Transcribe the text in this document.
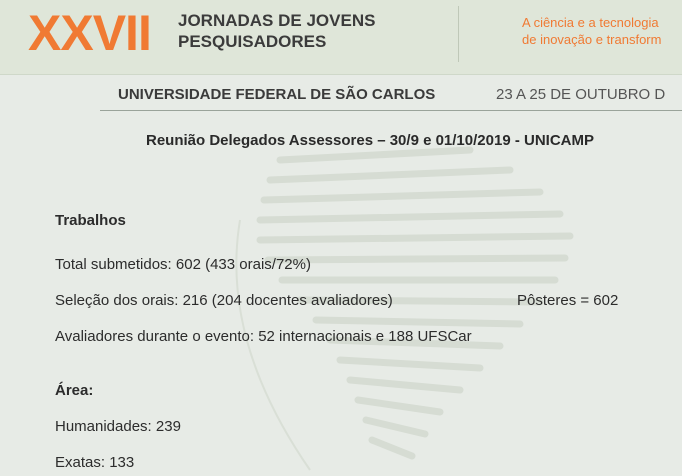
XXVII JORNADAS DE JOVENS
PESQUISADORES
A ciência e a tecnologia
de inovação e transform
UNIVERSIDADE FEDERAL DE SÃO CARLOS	23 A 25 DE OUTUBRO D
Reunião Delegados Assessores – 30/9 e 01/10/2019 - UNICAMP
Trabalhos
Total submetidos: 602 (433 orais/72%)
Seleção dos orais: 216 (204 docentes avaliadores)	Pôsteres = 602
Avaliadores durante o evento: 52 internacionais e 188 UFSCar
Área:
Humanidades: 239
Exatas: 133
